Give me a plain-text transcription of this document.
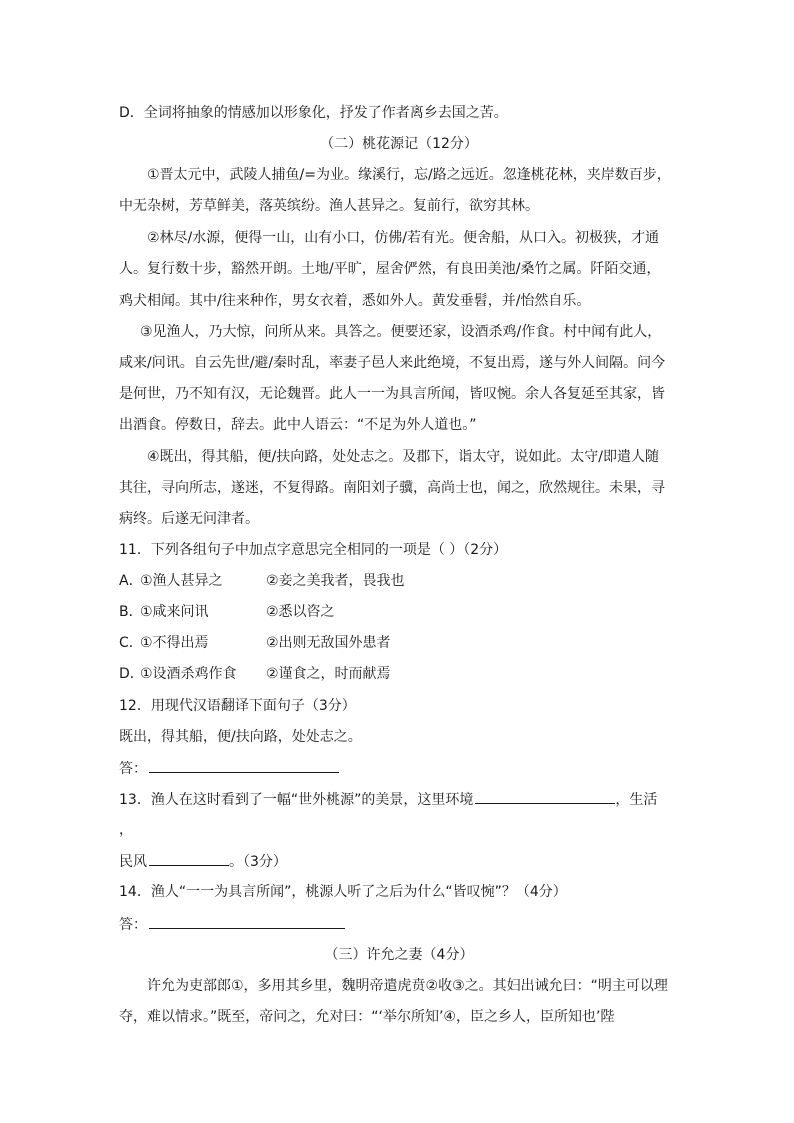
D．全词将抽象的情感加以形象化，抒发了作者离乡去国之苦。
（二）桃花源记（12分）
①晋太元中，武陵人捕鱼/=为业。缘溪行，忘/路之远近。忽逢桃花林，夹岸数百步，
中无杂树，芳草鲜美，落英缤纷。渔人甚异之。复前行，欲穷其林。
②林尽/水源，便得一山，山有小口，仿佛/若有光。便舍船，从口入。初极狭，才通
人。复行数十步，豁然开朗。土地/平旷，屋舍俨然，有良田美池/桑竹之属。阡陌交通，
鸡犬相闻。其中/往来种作，男女衣着，悉如外人。黄发垂髫，并/怡然自乐。
③见渔人，乃大惊，问所从来。具答之。便要还家，设酒杀鸡/作食。村中闻有此人，
咸来/问讯。自云先世/避/秦时乱，率妻子邑人来此绝境，不复出焉，遂与外人间隔。问今
是何世，乃不知有汉，无论魏晋。此人一一为具言所闻，皆叹惋。余人各复延至其家，皆
出酒食。停数日，辞去。此中人语云：“不足为外人道也。”
④既出，得其船，便/扶向路，处处志之。及郡下，诣太守，说如此。太守/即遣人随
其往，寻向所志，遂迷，不复得路。南阳刘子骥，高尚士也，闻之，欣然规往。未果，寻
病终。后遂无问津者。
11．下列各组句子中加点字意思完全相同的一项是（ ）（2分）
A．
①渔人甚异之	②妾之美我者，畏我也
B．
①咸来问讯	②悉以咨之
C．
①不得出焉	②出则无敌国外患者
D．
①设酒杀鸡作食 ②谨食之，时而献焉
12．用现代汉语翻译下面句子（3分）
既出，得其船，便/扶向路，处处志之。
答：
13．渔人在这时看到了一幅“世外桃源”的美景，这里环境	，生活
，
民风	。（3分）
14．渔人“一一为具言所闻”，桃源人听了之后为什么“皆叹惋”？（4分）
答：
（三）许允之妻（4分）
许允为吏部郎①，多用其乡里，魏明帝遣虎贲②收③之。其妇出诫允曰：“明主可以理
夺，难以情求。”既至，帝问之，允对曰：“‘举尔所知’④，臣之乡人，臣所知也’陛
